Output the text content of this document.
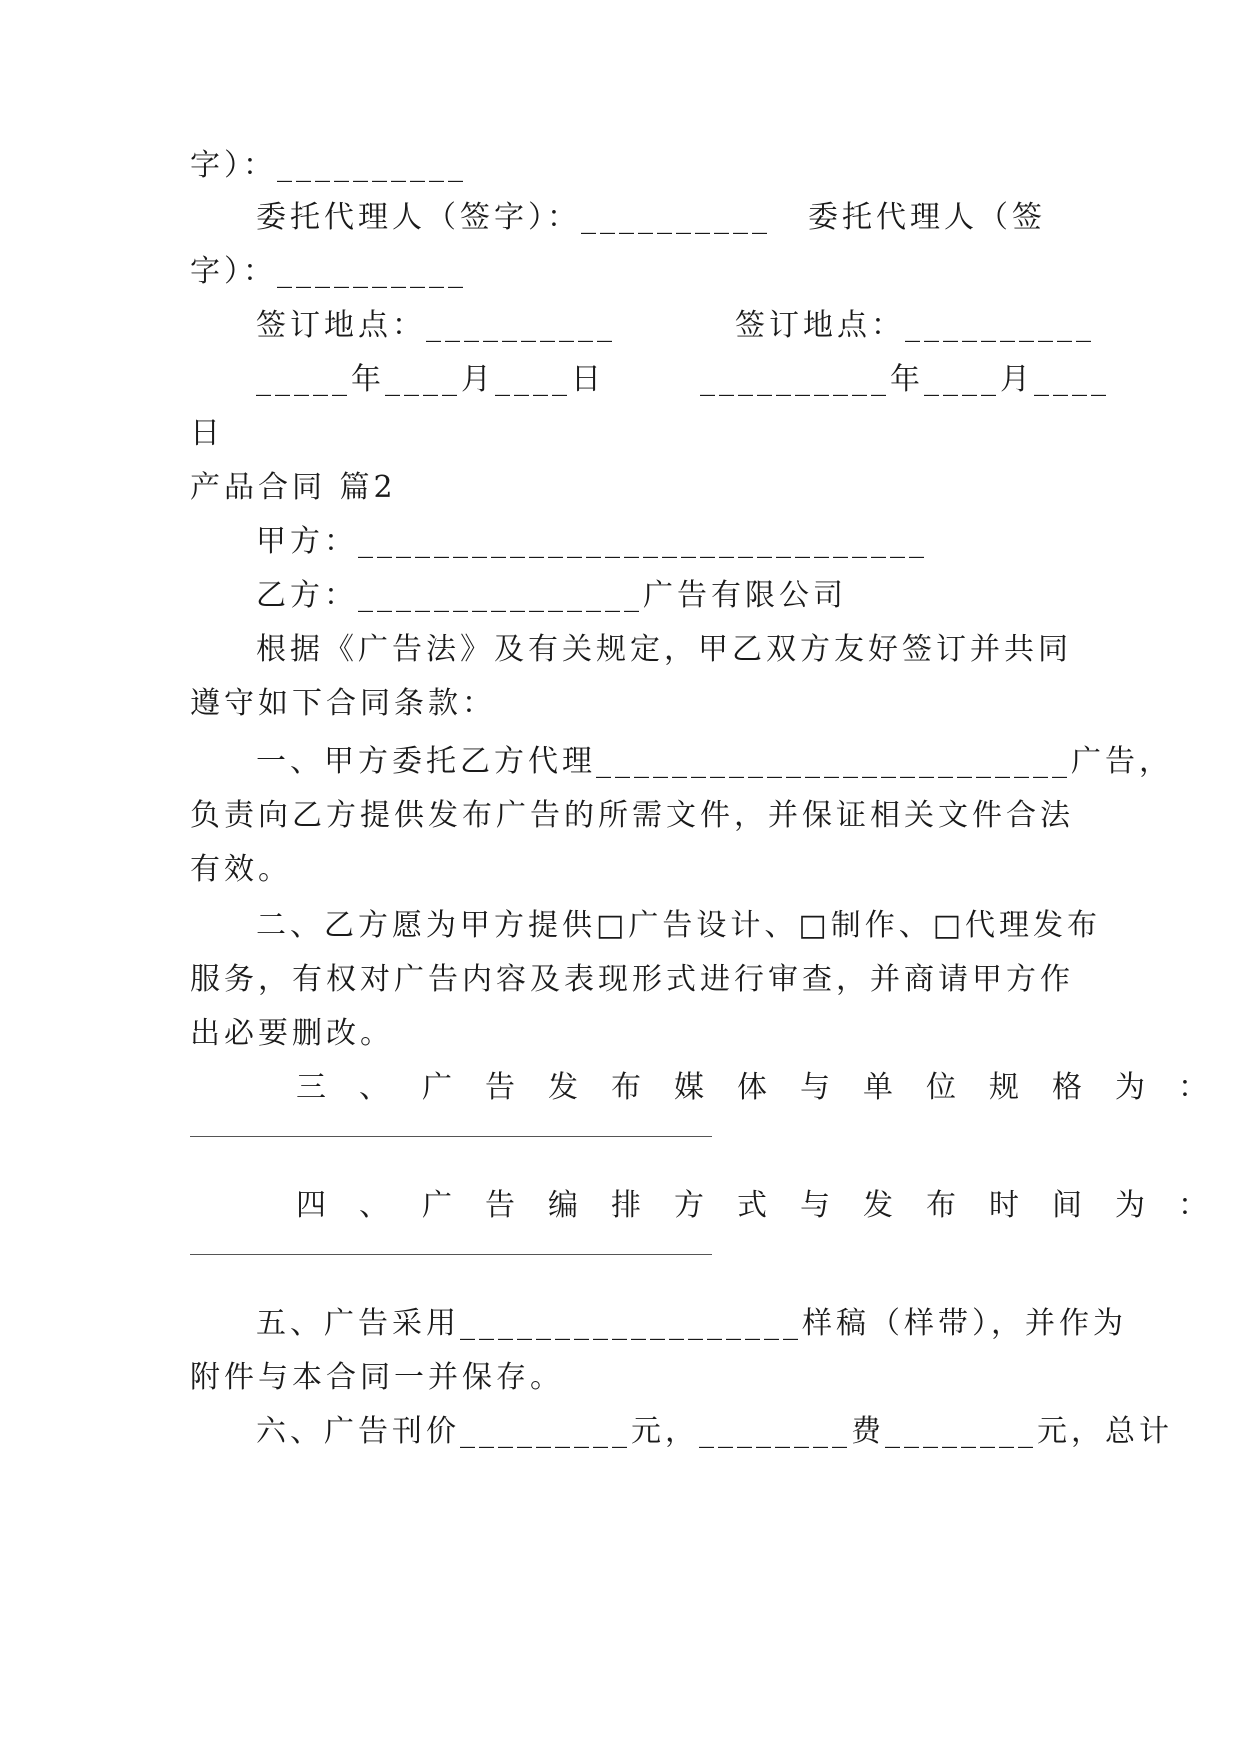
字）：__________
委托代理人（签字）：__________ 委托代理人（签
字）：__________
签订地点：__________	签订地点：__________
_____年____月____日	__________年____月____
日
产品合同 篇2
甲方：______________________________
乙方：_______________广告有限公司
根据《广告法》及有关规定，甲乙双方友好签订并共同
遵守如下合同条款：
一、甲方委托乙方代理_________________________广告，
负责向乙方提供发布广告的所需文件，并保证相关文件合法
有效。
二、乙方愿为甲方提供□广告设计、□制作、□代理发布
服务，有权对广告内容及表现形式进行审查，并商请甲方作
出必要删改。
三、广告发布媒体与单位规格为：
四、广告编排方式与发布时间为：
五、广告采用__________________样稿（样带），并作为
附件与本合同一并保存。
六、广告刊价_________元，________费________元，总计
